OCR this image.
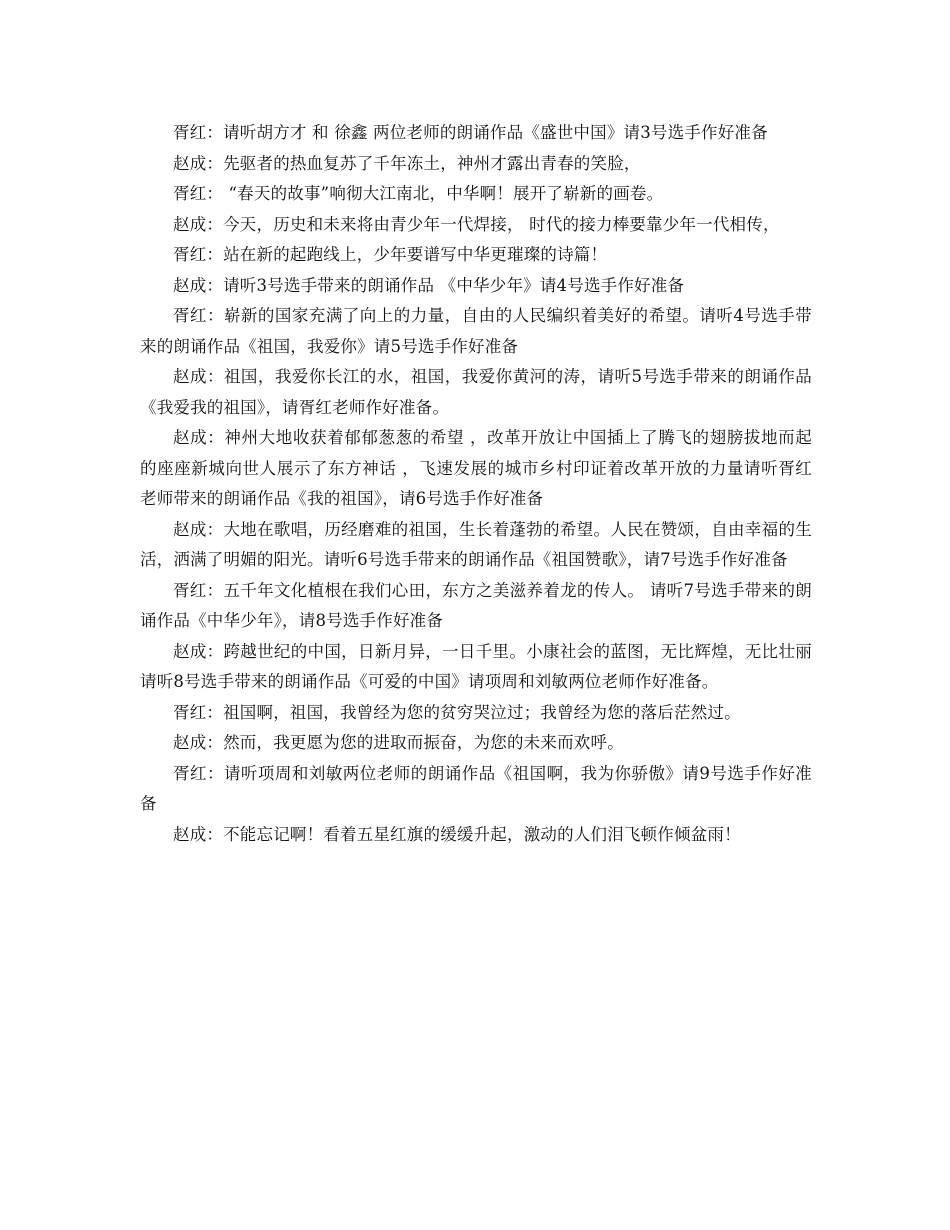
胥红：请听胡方才 和 徐鑫 两位老师的朗诵作品《盛世中国》请3号选手作好准备

赵成：先驱者的热血复苏了千年冻土，神州才露出青春的笑脸，

胥红： “春天的故事”响彻大江南北，中华啊！展开了崭新的画卷。

赵成：今天，历史和未来将由青少年一代焊接， 时代的接力棒要靠少年一代相传，

胥红：站在新的起跑线上，少年要谱写中华更璀璨的诗篇！

赵成：请听3号选手带来的朗诵作品 《中华少年》请4号选手作好准备

胥红：崭新的国家充满了向上的力量，自由的人民编织着美好的希望。请听4号选手带来的朗诵作品《祖国，我爱你》请5号选手作好准备

赵成：祖国，我爱你长江的水，祖国，我爱你黄河的涛，请听5号选手带来的朗诵作品《我爱我的祖国》，请胥红老师作好准备。

赵成：神州大地收获着郁郁葱葱的希望 ，改革开放让中国插上了腾飞的翅膀拔地而起的座座新城向世人展示了东方神话 ，飞速发展的城市乡村印证着改革开放的力量请听胥红老师带来的朗诵作品《我的祖国》，请6号选手作好准备

赵成：大地在歌唱，历经磨难的祖国，生长着蓬勃的希望。人民在赞颂，自由幸福的生活，洒满了明媚的阳光。请听6号选手带来的朗诵作品《祖国赞歌》，请7号选手作好准备

胥红：五千年文化植根在我们心田，东方之美滋养着龙的传人。 请听7号选手带来的朗诵作品《中华少年》，请8号选手作好准备

赵成：跨越世纪的中国，日新月异，一日千里。小康社会的蓝图，无比辉煌，无比壮丽请听8号选手带来的朗诵作品《可爱的中国》请项周和刘敏两位老师作好准备。

胥红：祖国啊，祖国，我曾经为您的贫穷哭泣过；我曾经为您的落后茫然过。

赵成：然而，我更愿为您的进取而振奋，为您的未来而欢呼。

胥红：请听项周和刘敏两位老师的朗诵作品《祖国啊，我为你骄傲》请9号选手作好准备

赵成：不能忘记啊！看着五星红旗的缓缓升起，激动的人们泪飞顿作倾盆雨！
